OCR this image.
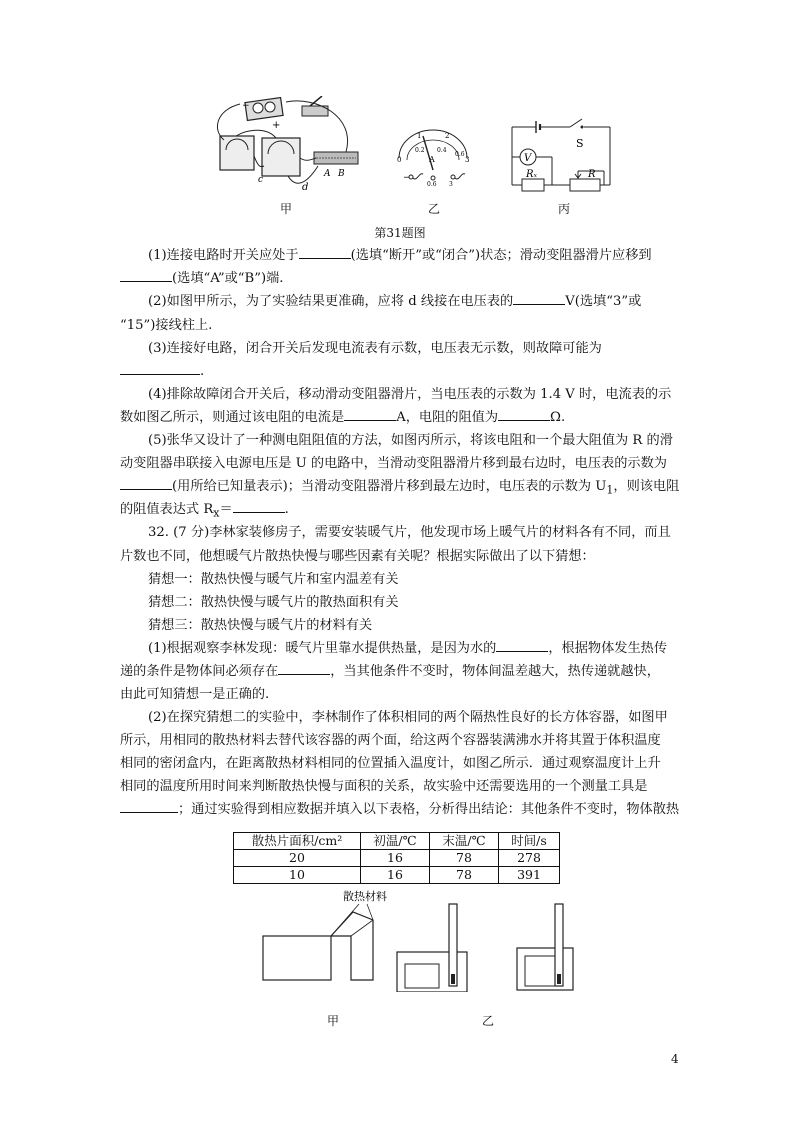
−
+
A B
c
d
0
1	2
3
0.2 0.4
0.6
A
−
0.6 3
V
S
Rₓ	R
甲	乙	丙
第31题图
(1)连接电路时开关应处于	(选填“断开”或“闭合”)状态；滑动变阻器滑片应移到
(选填“A”或“B”)端.
(2)如图甲所示，为了实验结果更准确，应将 d 线接在电压表的	V(选填“3”或
“15”)接线柱上.
(3)连接好电路，闭合开关后发现电流表有示数，电压表无示数，则故障可能为
.
(4)排除故障闭合开关后，移动滑动变阻器滑片，当电压表的示数为 1.4 V 时，电流表的示
数如图乙所示，则通过该电阻的电流是	A，电阻的阻值为	Ω.
(5)张华又设计了一种测电阻阻值的方法，如图丙所示，将该电阻和一个最大阻值为 R 的滑
动变阻器串联接入电源电压是 U 的电路中，当滑动变阻器滑片移到最右边时，电压表的示数为
(用所给已知量表示)；当滑动变阻器滑片移到最左边时，电压表的示数为 $U_1$，则该电阻
的阻值表达式 $R_x=$	.
32. (7 分)李林家装修房子，需要安装暖气片，他发现市场上暖气片的材料各有不同，而且
片数也不同，他想暖气片散热快慢与哪些因素有关呢？根据实际做出了以下猜想：
猜想一：散热快慢与暖气片和室内温差有关
猜想二：散热快慢与暖气片的散热面积有关
猜想三：散热快慢与暖气片的材料有关
(1)根据观察李林发现：暖气片里靠水提供热量，是因为水的	，根据物体发生热传
递的条件是物体间必须存在	，当其他条件不变时，物体间温差越大，热传递就越快，
由此可知猜想一是正确的.
(2)在探究猜想二的实验中，李林制作了体积相同的两个隔热性良好的长方体容器，如图甲
所示，用相同的散热材料去替代该容器的两个面，给这两个容器装满沸水并将其置于体积温度
相同的密闭盒内，在距离散热材料相同的位置插入温度计，如图乙所示．通过观察温度计上升
相同的温度所用时间来判断散热快慢与面积的关系，故实验中还需要选用的一个测量工具是
；通过实验得到相应数据并填入以下表格，分析得出结论：其他条件不变时，物体散热
散热片面积/cm²	初温/℃	末温/℃	时间/s
20	16	78	278
10	16	78	391
散热材料
甲	乙
4
